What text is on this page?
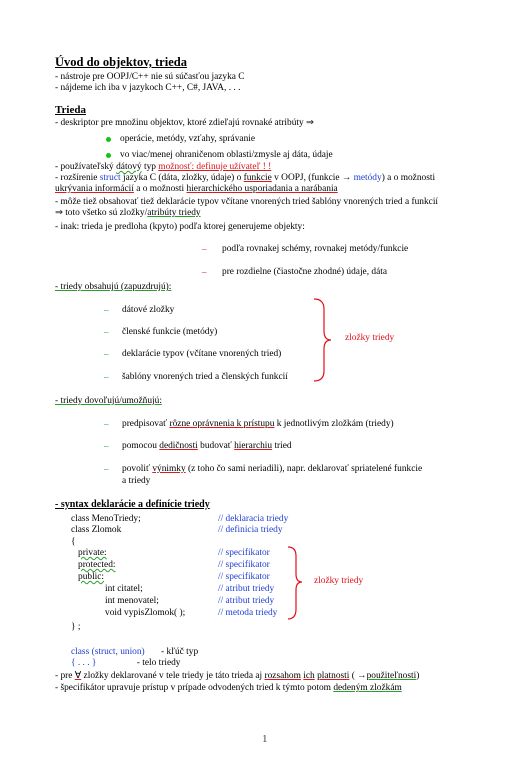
Úvod do objektov, trieda
- nástroje pre OOPJ/C++ nie sú súčasťou jazyka C
- nájdeme ich iba v jazykoch C++, C#, JAVA, . . .
Trieda
- deskriptor pre množinu objektov, ktoré zdieľajú rovnaké atribúty ⇒
operácie, metódy, vzťahy, správanie
vo viac/menej ohraničenom oblasti/zmysle aj dáta, údaje
- používateľský dátový typ možnosť: definuje užívateľ ! !
- rozšírenie struct jazyka C (dáta, zložky, údaje) o funkcie v OOPJ, (funkcie → metódy) a o možnosti
ukrývania informácií a o možnosti hierarchického usporiadania a narábania
- môže tiež obsahovať tiež deklarácie typov včítane vnorených tried šablóny vnorených tried a funkcií
⇒ toto všetko sú zložky/atribúty triedy
- inak: trieda je predloha (kpyto) podľa ktorej generujeme objekty:
– podľa rovnakej schémy, rovnakej metódy/funkcie
– pre rozdielne (čiastočne zhodné) údaje, dáta
- triedy obsahujú (zapuzdrujú):
– dátové zložky
– členské funkcie (metódy)
– deklarácie typov (včítane vnorených tried)
– šablóny vnorených tried a členských funkcií
zložky triedy
- triedy dovoľujú/umožňujú:
– predpisovať rôzne oprávnenia k prístupu k jednotlivým zložkám (triedy)
– pomocou dedičnosti budovať hierarchiu tried
– povoliť výnimky (z toho čo sami neriadili), napr. deklarovať spriatelené funkcie
a triedy
- syntax deklarácie a definície triedy
class MenoTriedy;	// deklaracia triedy
class Zlomok	// definicia triedy
{
private:	// specifikator
protected:	// specifikator
public:	// specifikator
int citatel;	// atribut triedy
int menovatel;	// atribut triedy
void vypisZlomok( );	// metoda triedy
} ;
zložky triedy
class (struct, union) - kľúč typ
{ . . . }	- telo triedy
- pre ∀ zložky deklarované v tele triedy je táto trieda aj rozsahom ich platnosti ( →použiteľnosti)
- špecifikátor upravuje prístup v prípade odvodených tried k týmto potom dedeným zložkám
1
